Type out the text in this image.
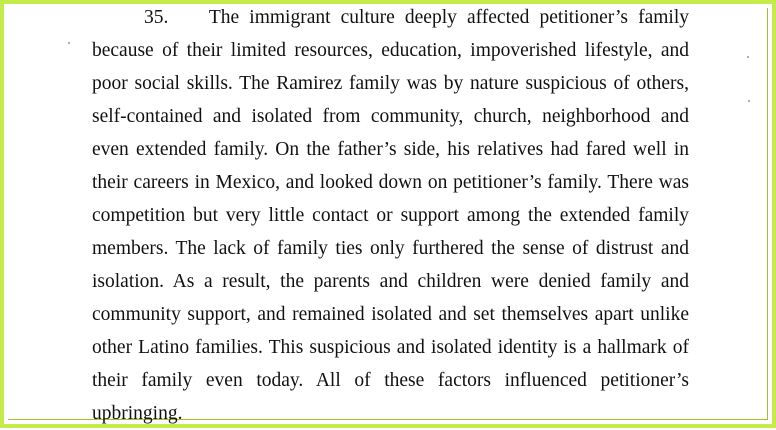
35. The immigrant culture deeply affected petitioner’s family
because of their limited resources, education, impoverished lifestyle, and
poor social skills. The Ramirez family was by nature suspicious of others,
self-contained and isolated from community, church, neighborhood and
even extended family. On the father’s side, his relatives had fared well in
their careers in Mexico, and looked down on petitioner’s family. There was
competition but very little contact or support among the extended family
members. The lack of family ties only furthered the sense of distrust and
isolation. As a result, the parents and children were denied family and
community support, and remained isolated and set themselves apart unlike
other Latino families. This suspicious and isolated identity is a hallmark of
their family even today. All of these factors influenced petitioner’s
upbringing.
